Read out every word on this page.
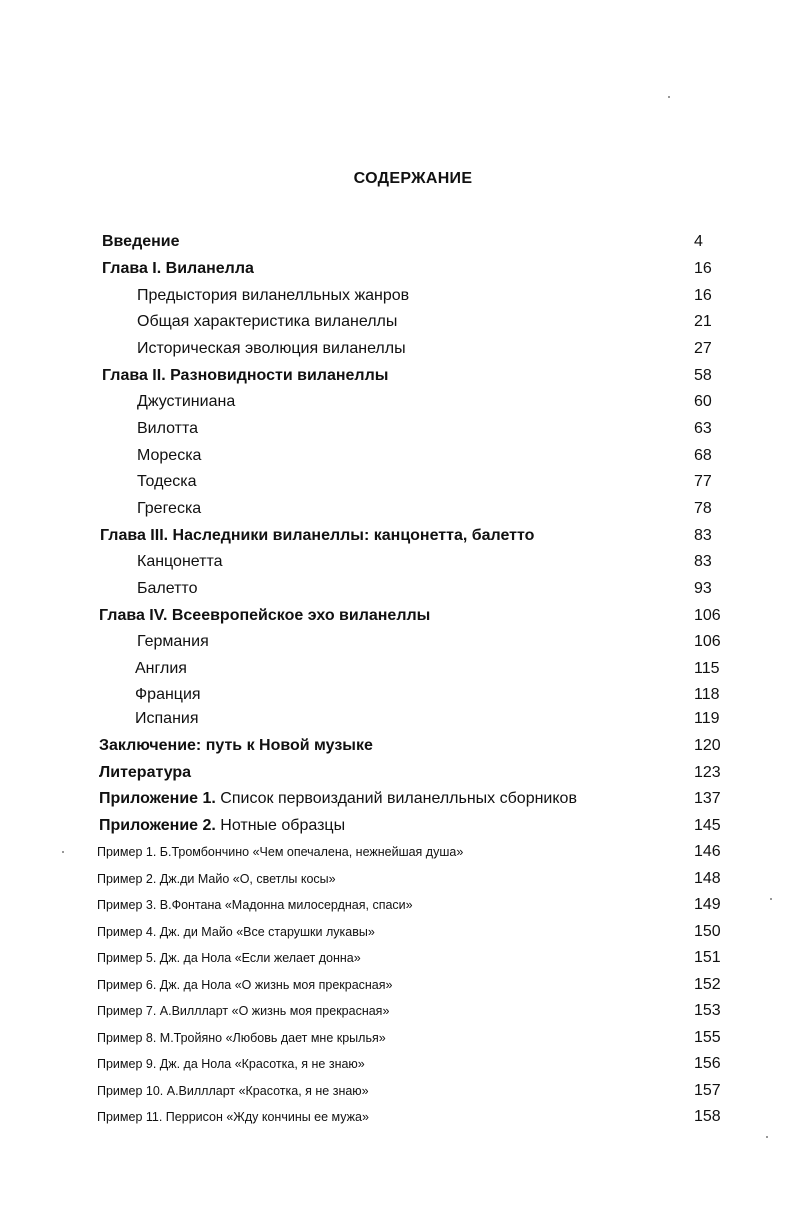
СОДЕРЖАНИЕ
Введение	4
Глава I. Виланелла	16
Предыстория виланелльных жанров	16
Общая характеристика виланеллы	21
Историческая эволюция виланеллы	27
Глава II. Разновидности виланеллы	58
Джустиниана	60
Вилотта	63
Мореска	68
Тодеска	77
Грегеска	78
Глава III. Наследники виланеллы: канцонетта, балетто	83
Канцонетта	83
Балетто	93
Глава IV. Всеевропейское эхо виланеллы	106
Германия	106
Англия	115
Франция	118
Испания	119
Заключение: путь к Новой музыке	120
Литература	123
Приложение 1. Список первоизданий виланелльных сборников	137
Приложение 2. Нотные образцы	145
Пример 1. Б.Тромбончино «Чем опечалена, нежнейшая душа»	146
Пример 2. Дж.ди Майо «О, светлы косы»	148
Пример 3. В.Фонтана «Мадонна милосердная, спаси»	149
Пример 4. Дж. ди Майо «Все старушки лукавы»	150
Пример 5. Дж. да Нола «Если желает донна»	151
Пример 6. Дж. да Нола «О жизнь моя прекрасная»	152
Пример 7. А.Виллларт «О жизнь моя прекрасная»	153
Пример 8. М.Тройяно «Любовь дает мне крылья»	155
Пример 9. Дж. да Нола «Красотка, я не знаю»	156
Пример 10. А.Виллларт «Красотка, я не знаю»	157
Пример 11. Перрисон «Жду кончины ее мужа»	158
